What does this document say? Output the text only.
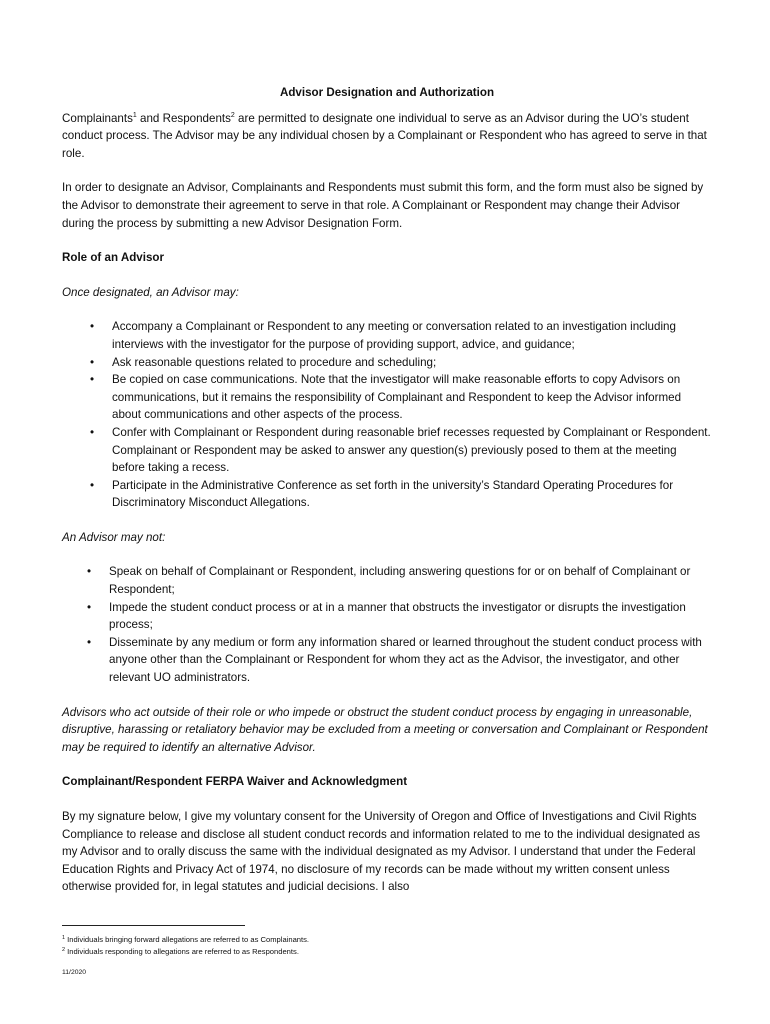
Advisor Designation and Authorization

Complainants$^1$ and Respondents$^2$ are permitted to designate one individual to serve as an Advisor during the UO’s student conduct process. The Advisor may be any individual chosen by a Complainant or Respondent who has agreed to serve in that role.

In order to designate an Advisor, Complainants and Respondents must submit this form, and the form must also be signed by the Advisor to demonstrate their agreement to serve in that role. A Complainant or Respondent may change their Advisor during the process by submitting a new Advisor Designation Form.

Role of an Advisor

Once designated, an Advisor may:

• Accompany a Complainant or Respondent to any meeting or conversation related to an investigation including interviews with the investigator for the purpose of providing support, advice, and guidance;
• Ask reasonable questions related to procedure and scheduling;
• Be copied on case communications. Note that the investigator will make reasonable efforts to copy Advisors on communications, but it remains the responsibility of Complainant and Respondent to keep the Advisor informed about communications and other aspects of the process.
• Confer with Complainant or Respondent during reasonable brief recesses requested by Complainant or Respondent. Complainant or Respondent may be asked to answer any question(s) previously posed to them at the meeting before taking a recess.
• Participate in the Administrative Conference as set forth in the university’s Standard Operating Procedures for Discriminatory Misconduct Allegations.

An Advisor may not:

• Speak on behalf of Complainant or Respondent, including answering questions for or on behalf of Complainant or Respondent;
• Impede the student conduct process or at in a manner that obstructs the investigator or disrupts the investigation process;
• Disseminate by any medium or form any information shared or learned throughout the student conduct process with anyone other than the Complainant or Respondent for whom they act as the Advisor, the investigator, and other relevant UO administrators.

Advisors who act outside of their role or who impede or obstruct the student conduct process by engaging in unreasonable, disruptive, harassing or retaliatory behavior may be excluded from a meeting or conversation and Complainant or Respondent may be required to identify an alternative Advisor.

Complainant/Respondent FERPA Waiver and Acknowledgment

By my signature below, I give my voluntary consent for the University of Oregon and Office of Investigations and Civil Rights Compliance to release and disclose all student conduct records and information related to me to the individual designated as my Advisor and to orally discuss the same with the individual designated as my Advisor. I understand that under the Federal Education Rights and Privacy Act of 1974, no disclosure of my records can be made without my written consent unless otherwise provided for, in legal statutes and judicial decisions. I also

$^1$ Individuals bringing forward allegations are referred to as Complainants.
$^2$ Individuals responding to allegations are referred to as Respondents.
11/2020
